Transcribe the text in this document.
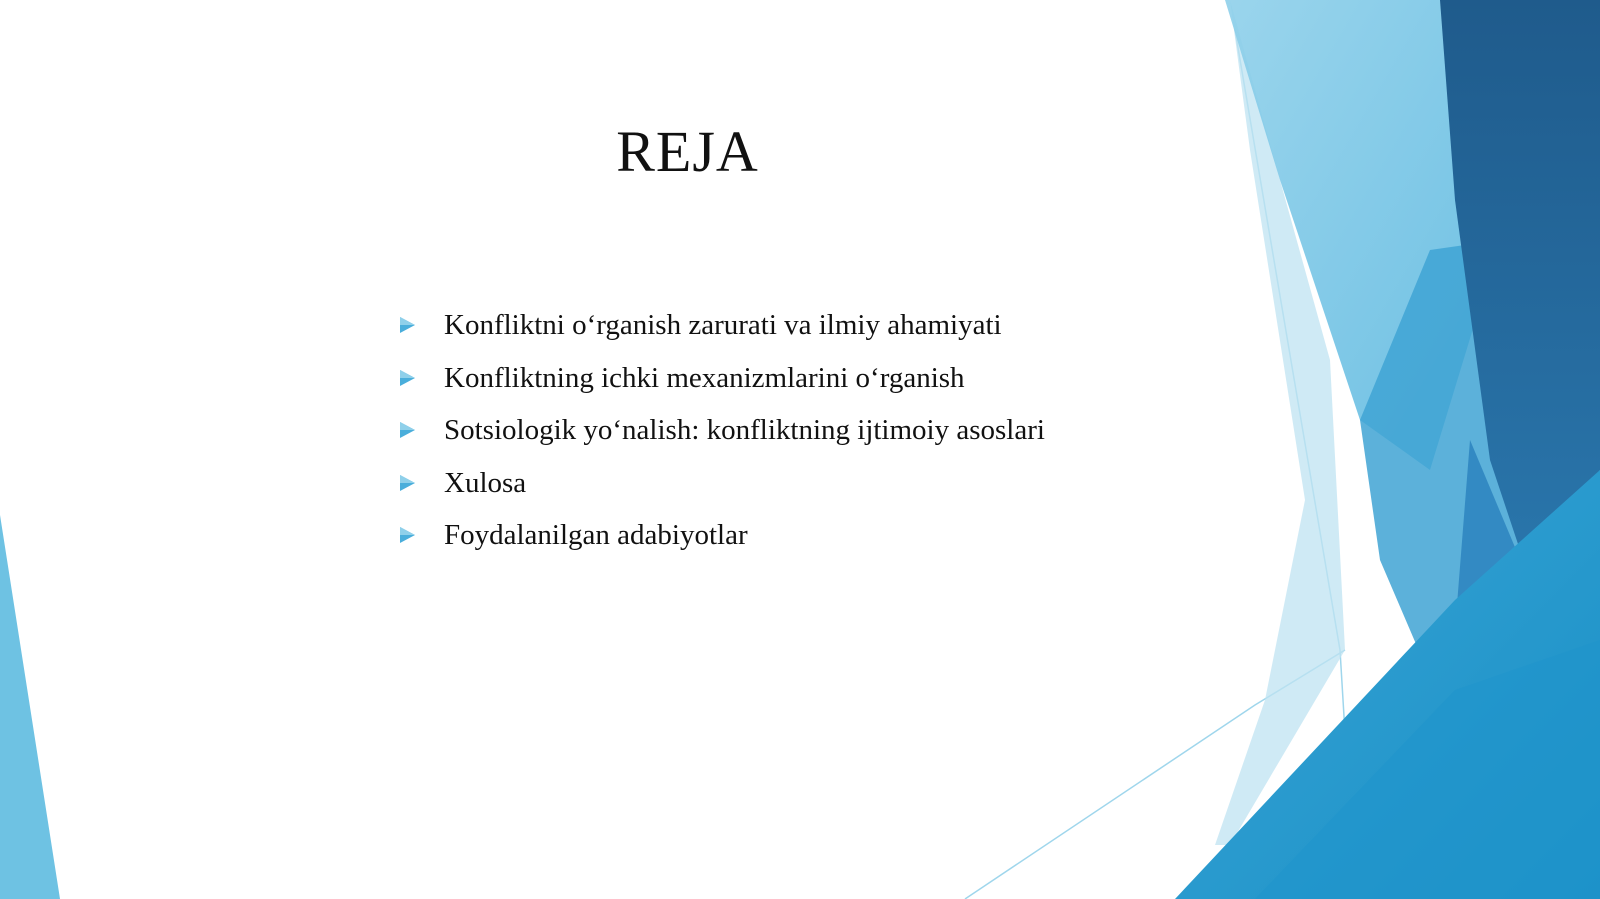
REJA
Konfliktni o‘rganish zarurati va ilmiy ahamiyati
Konfliktning ichki mexanizmlarini o‘rganish
Sotsiologik yo‘nalish: konfliktning ijtimoiy asoslari
Xulosa
Foydalanilgan adabiyotlar
